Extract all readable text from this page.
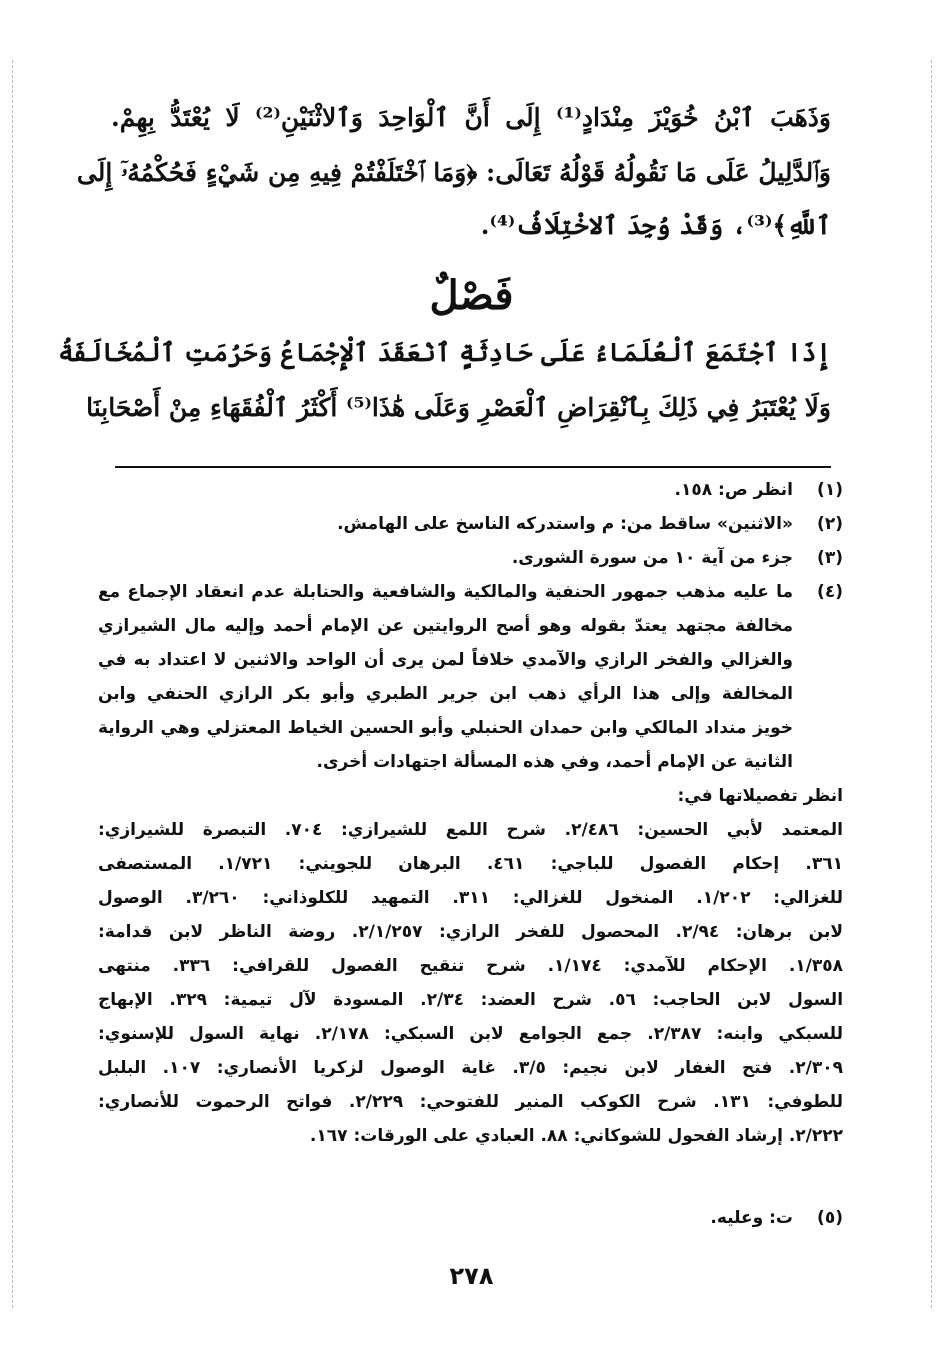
وَذَهَبَ ٱبْنُ خُوَيْزَ مِنْدَادٍ⁽¹⁾ إِلَى أَنَّ ٱلْوَاحِدَ وَٱلاثْنَيْنِ⁽²⁾ لَا يُعْتَدُّ بِهِمْ.
وَٱلدَّلِيلُ عَلَى مَا نَقُولُهُ قَوْلُهُ تَعَالَى: ﴿وَمَا ٱخْتَلَفْتُمْ فِيهِ مِن شَيْءٍ فَحُكْمُهُۥٓ إِلَى
ٱللَّهِ﴾⁽³⁾، وَقَدْ وُجِدَ ٱلاخْتِلَافُ⁽⁴⁾.
فَصْلٌ
إِذَا ٱجْتَمَعَ ٱلْعُلَمَاءُ عَلَى حَادِثَةٍ ٱنْعَقَدَ ٱلْإِجْمَاعُ وَحَرُمَتِ ٱلْمُخَالَفَةُ
وَلَا يُعْتَبَرُ فِي ذَلِكَ بِٱنْقِرَاضِ ٱلْعَصْرِ وَعَلَى هَٰذَا⁽⁵⁾ أَكْثَرُ ٱلْفُقَهَاءِ مِنْ أَصْحَابِنَا
(١)
انظر ص: ١٥٨.
(٢)
«الاثنين» ساقط من: م واستدركه الناسخ على الهامش.
(٣)
جزء من آية ١٠ من سورة الشورى.
(٤)
ما عليه مذهب جمهور الحنفية والمالكية والشافعية والحنابلة عدم انعقاد الإجماع مع
مخالفة مجتهد يعتدّ بقوله وهو أصح الروايتين عن الإمام أحمد وإليه مال الشيرازي
والغزالي والفخر الرازي والآمدي خلافاً لمن يرى أن الواحد والاثنين لا اعتداد به في
المخالفة وإلى هذا الرأي ذهب ابن جرير الطبري وأبو بكر الرازي الحنفي وابن
خويز منداد المالكي وابن حمدان الحنبلي وأبو الحسين الخياط المعتزلي وهي الرواية
الثانية عن الإمام أحمد، وفي هذه المسألة اجتهادات أخرى.
انظر تفصيلاتها في:
المعتمد لأبي الحسين: ٢/٤٨٦. شرح اللمع للشيرازي: ٧٠٤. التبصرة للشيرازي:
٣٦١. إحكام الفصول للباجي: ٤٦١. البرهان للجويني: ١/٧٢١. المستصفى
للغزالي: ١/٢٠٢. المنخول للغزالي: ٣١١. التمهيد للكلوذاني: ٣/٢٦٠. الوصول
لابن برهان: ٢/٩٤. المحصول للفخر الرازي: ٢/١/٢٥٧. روضة الناظر لابن قدامة:
١/٣٥٨. الإحكام للآمدي: ١/١٧٤. شرح تنقيح الفصول للقرافي: ٣٣٦. منتهى
السول لابن الحاجب: ٥٦. شرح العضد: ٢/٣٤. المسودة لآل تيمية: ٣٢٩. الإبهاج
للسبكي وابنه: ٢/٣٨٧. جمع الجوامع لابن السبكي: ٢/١٧٨. نهاية السول للإسنوي:
٢/٣٠٩. فتح الغفار لابن نجيم: ٣/٥. غاية الوصول لزكريا الأنصاري: ١٠٧. البلبل
للطوفي: ١٣١. شرح الكوكب المنير للفتوحي: ٢/٢٢٩. فواتح الرحموت للأنصاري:
٢/٢٢٢. إرشاد الفحول للشوكاني: ٨٨. العبادي على الورقات: ١٦٧.
(٥)
ت: وعليه.
٢٧٨
